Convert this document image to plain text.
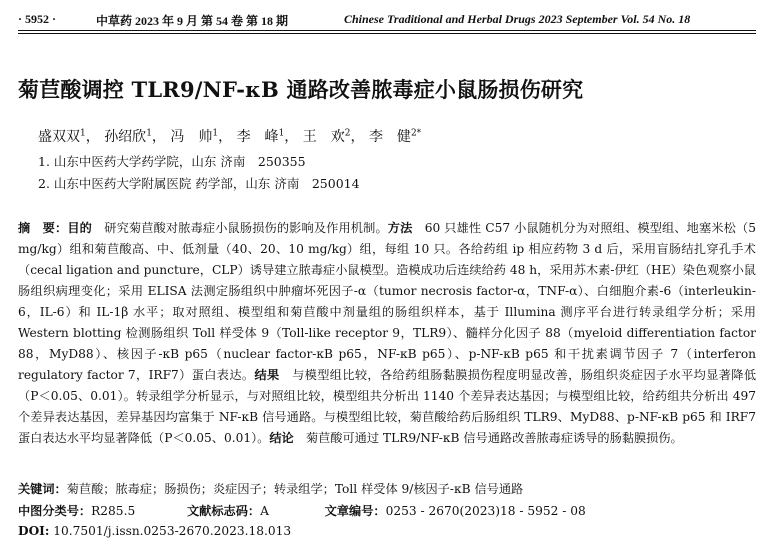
· 5952 ·	中草药 2023 年 9 月 第 54 卷 第 18 期	Chinese Traditional and Herbal Drugs 2023 September Vol. 54 No. 18
菊苣酸调控 TLR9/NF-κB 通路改善脓毒症小鼠肠损伤研究
盛双双$^1$， 孙绍欣$^1$， 冯　帅$^1$， 李　峰$^1$， 王　欢$^2$， 李　健$^{2*}$
1. 山东中医药大学药学院，山东 济南　250355
2. 山东中医药大学附属医院 药学部，山东 济南　250014
摘　要：目的　 研究菊苣酸对脓毒症小鼠肠损伤的影响及作用机制。方法　 60 只雄性 C57 小鼠随机分为对照组、模型组、地塞米松（5 mg/kg）组和菊苣酸高、中、低剂量（40、20、10 mg/kg）组，每组 10 只。各给药组 ip 相应药物 3 d 后，采用盲肠结扎穿孔手术（cecal ligation and puncture，CLP）诱导建立脓毒症小鼠模型。造模成功后连续给药 48 h，采用苏木素-伊红（HE）染色观察小鼠肠组织病理变化；采用 ELISA 法测定肠组织中肿瘤坏死因子-α（tumor necrosis factor-α，TNF-α）、白细胞介素-6（interleukin-6，IL-6）和 IL-1β 水平；取对照组、模型组和菊苣酸中剂量组的肠组织样本，基于 Illumina 测序平台进行转录组学分析；采用 Western blotting 检测肠组织 Toll 样受体 9（Toll-like receptor 9，TLR9）、髓样分化因子 88（myeloid differentiation factor 88，MyD88）、核因子-κB p65（nuclear factor-κB p65，NF-κB p65）、p-NF-κB p65 和干扰素调节因子 7（interferon regulatory factor 7，IRF7）蛋白表达。结果　 与模型组比较，各给药组肠黏膜损伤程度明显改善，肠组织炎症因子水平均显著降低（P＜0.05、0.01）。转录组学分析显示，与对照组比较，模型组共分析出 1140 个差异表达基因；与模型组比较，给药组共分析出 497 个差异表达基因，差异基因均富集于 NF-κB 信号通路。与模型组比较，菊苣酸给药后肠组织 TLR9、MyD88、p-NF-κB p65 和 IRF7 蛋白表达水平均显著降低（P＜0.05、0.01）。结论　 菊苣酸可通过 TLR9/NF-κB 信号通路改善脓毒症诱导的肠黏膜损伤。
关键词：菊苣酸；脓毒症；肠损伤；炎症因子；转录组学；Toll 样受体 9/核因子-κB 信号通路
中图分类号：R285.5	文献标志码：A	文章编号：0253 - 2670(2023)18 - 5952 - 08
DOI: 10.7501/j.issn.0253-2670.2023.18.013
